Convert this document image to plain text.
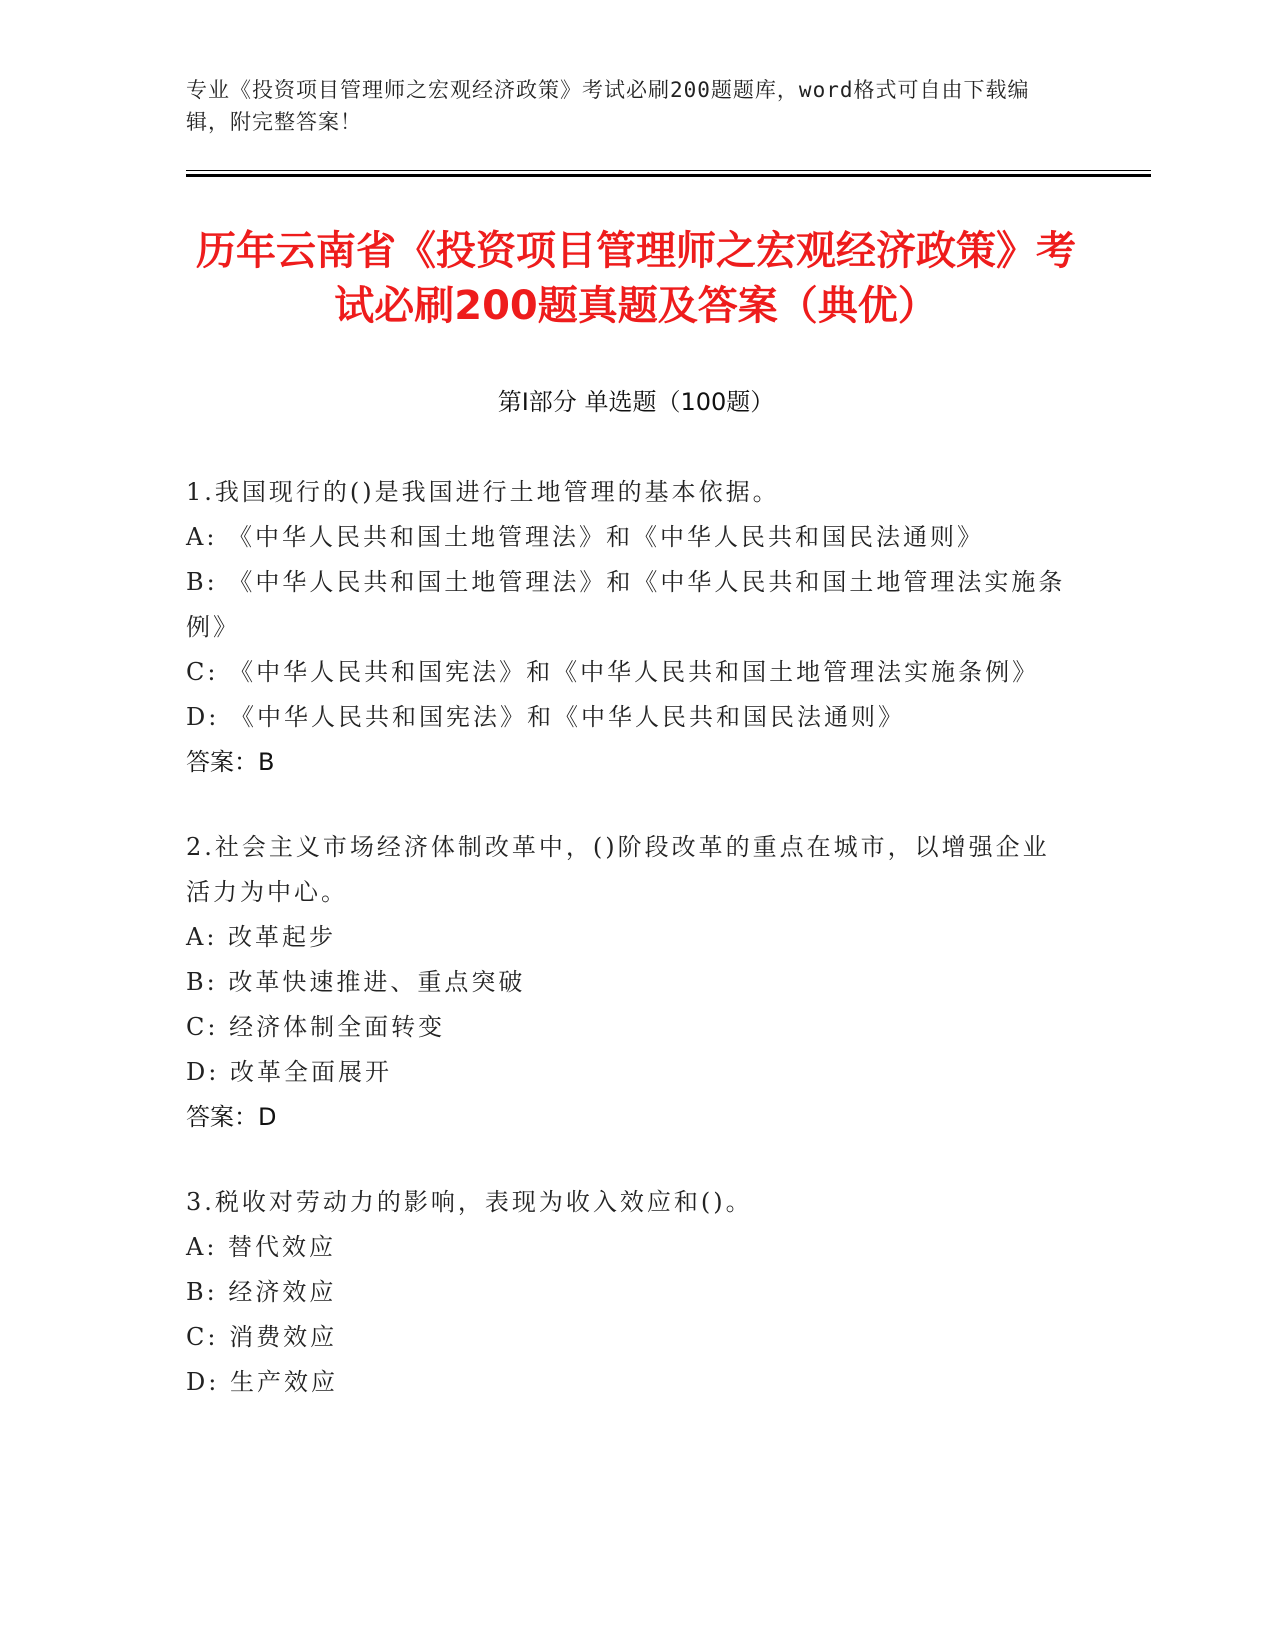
专业《投资项目管理师之宏观经济政策》考试必刷200题题库，word格式可自由下载编辑，附完整答案！
历年云南省《投资项目管理师之宏观经济政策》考试必刷200题真题及答案（典优）
第I部分 单选题（100题）
1.我国现行的()是我国进行土地管理的基本依据。
A: 《中华人民共和国土地管理法》和《中华人民共和国民法通则》
B: 《中华人民共和国土地管理法》和《中华人民共和国土地管理法实施条例》
C: 《中华人民共和国宪法》和《中华人民共和国土地管理法实施条例》
D: 《中华人民共和国宪法》和《中华人民共和国民法通则》
答案：B
2.社会主义市场经济体制改革中，()阶段改革的重点在城市，以增强企业活力为中心。
A: 改革起步
B: 改革快速推进、重点突破
C: 经济体制全面转变
D: 改革全面展开
答案：D
3.税收对劳动力的影响，表现为收入效应和()。
A: 替代效应
B: 经济效应
C: 消费效应
D: 生产效应
